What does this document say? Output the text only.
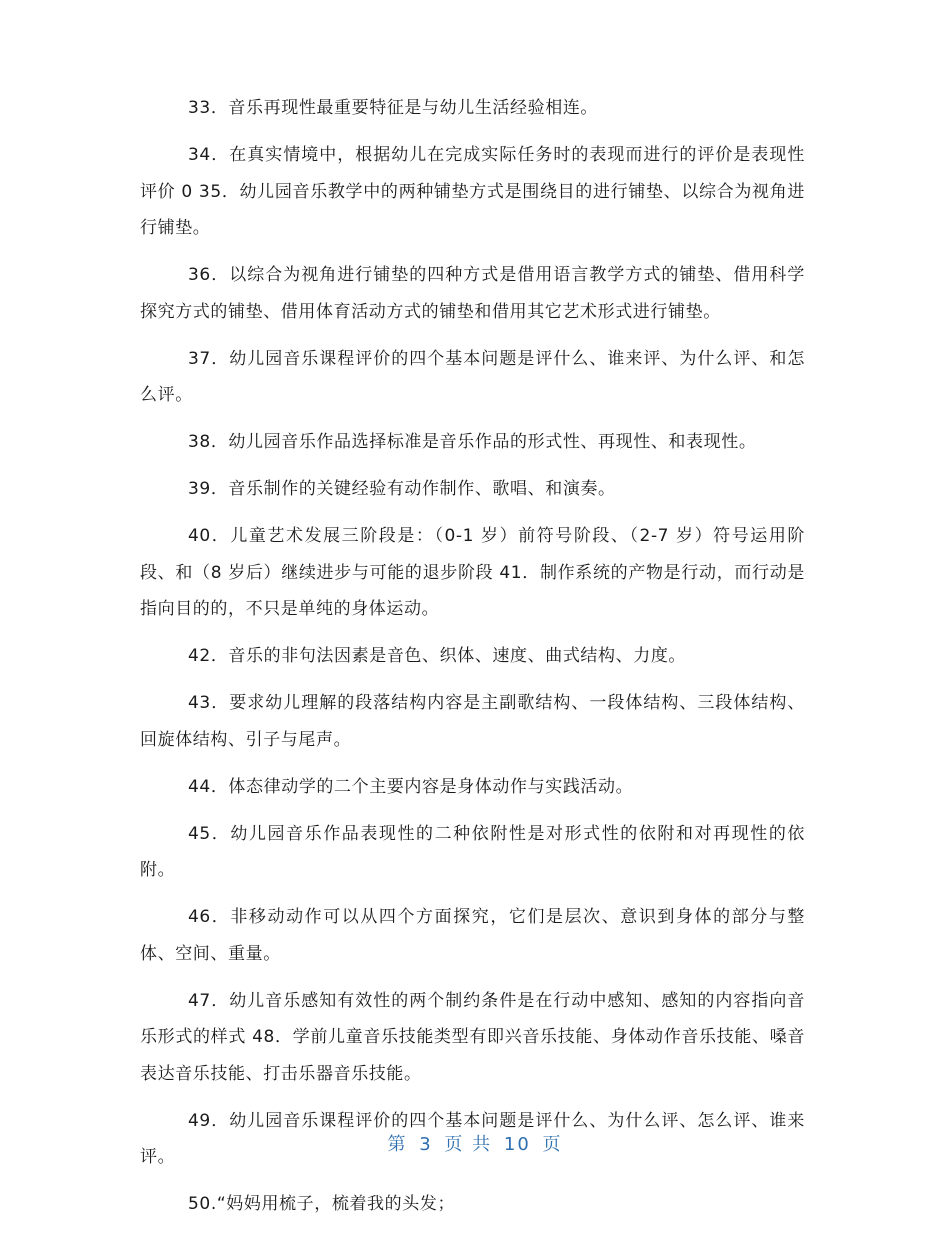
33．音乐再现性最重要特征是与幼儿生活经验相连。

34．在真实情境中，根据幼儿在完成实际任务时的表现而进行的评价是表现性评价 0 35．幼儿园音乐教学中的两种铺垫方式是围绕目的进行铺垫、以综合为视角进行铺垫。

36．以综合为视角进行铺垫的四种方式是借用语言教学方式的铺垫、借用科学探究方式的铺垫、借用体育活动方式的铺垫和借用其它艺术形式进行铺垫。

37．幼儿园音乐课程评价的四个基本问题是评什么、谁来评、为什么评、和怎么评。

38．幼儿园音乐作品选择标准是音乐作品的形式性、再现性、和表现性。

39．音乐制作的关键经验有动作制作、歌唱、和演奏。

40．儿童艺术发展三阶段是：（0-1 岁）前符号阶段、（2-7 岁）符号运用阶段、和（8 岁后）继续进步与可能的退步阶段 41．制作系统的产物是行动，而行动是指向目的的，不只是单纯的身体运动。

42．音乐的非句法因素是音色、织体、速度、曲式结构、力度。

43．要求幼儿理解的段落结构内容是主副歌结构、一段体结构、三段体结构、回旋体结构、引子与尾声。

44．体态律动学的二个主要内容是身体动作与实践活动。

45．幼儿园音乐作品表现性的二种依附性是对形式性的依附和对再现性的依附。

46．非移动动作可以从四个方面探究，它们是层次、意识到身体的部分与整体、空间、重量。

47．幼儿音乐感知有效性的两个制约条件是在行动中感知、感知的内容指向音乐形式的样式 48．学前儿童音乐技能类型有即兴音乐技能、身体动作音乐技能、嗓音表达音乐技能、打击乐器音乐技能。

49．幼儿园音乐课程评价的四个基本问题是评什么、为什么评、怎么评、谁来评。

50.“妈妈用梳子，梳着我的头发；

第 3 页 共 10 页
